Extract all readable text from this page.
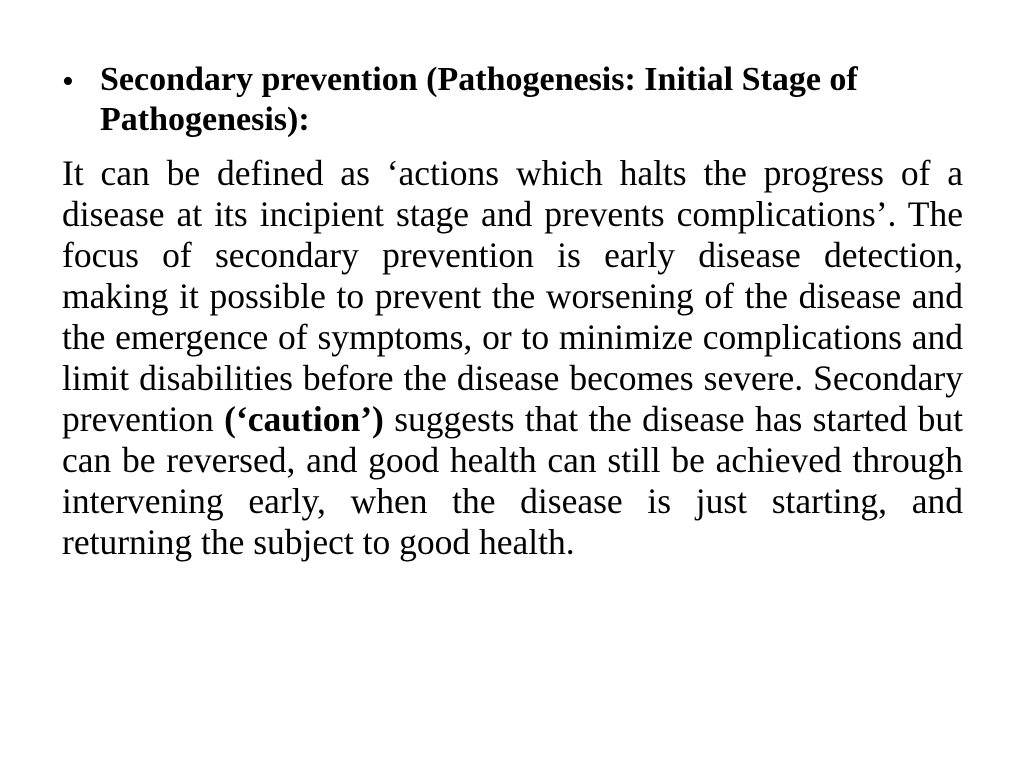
• Secondary prevention (Pathogenesis: Initial Stage of Pathogenesis):

It can be defined as ‘actions which halts the progress of a disease at its incipient stage and prevents complications’. The focus of secondary prevention is early disease detection, making it possible to prevent the worsening of the disease and the emergence of symptoms, or to minimize complications and limit disabilities before the disease becomes severe. Secondary prevention (‘caution’) suggests that the disease has started but can be reversed, and good health can still be achieved through intervening early, when the disease is just starting, and returning the subject to good health.
